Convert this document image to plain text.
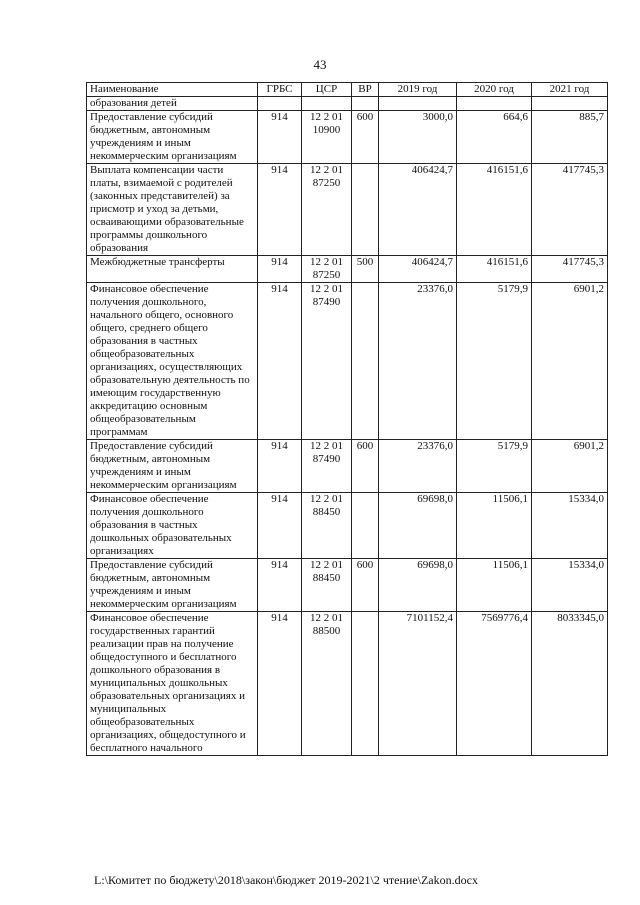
43
Наименование	ГРБС	ЦСР	ВР	2019 год	2020 год	2021 год
образования детей						
Предоставление субсидий бюджетным, автономным учреждениям и иным некоммерческим организациям	914	12 2 01 10900	600	3000,0	664,6	885,7
Выплата компенсации части платы, взимаемой с родителей (законных представителей) за присмотр и уход за детьми, осваивающими образовательные программы дошкольного образования	914	12 2 01 87250		406424,7	416151,6	417745,3
Межбюджетные трансферты	914	12 2 01 87250	500	406424,7	416151,6	417745,3
Финансовое обеспечение получения дошкольного, начального общего, основного общего, среднего общего образования в частных общеобразовательных организациях, осуществляющих образовательную деятельность по имеющим государственную аккредитацию основным общеобразовательным программам	914	12 2 01 87490		23376,0	5179,9	6901,2
Предоставление субсидий бюджетным, автономным учреждениям и иным некоммерческим организациям	914	12 2 01 87490	600	23376,0	5179,9	6901,2
Финансовое обеспечение получения дошкольного образования в частных дошкольных образовательных организациях	914	12 2 01 88450		69698,0	11506,1	15334,0
Предоставление субсидий бюджетным, автономным учреждениям и иным некоммерческим организациям	914	12 2 01 88450	600	69698,0	11506,1	15334,0
Финансовое обеспечение государственных гарантий реализации прав на получение общедоступного и бесплатного дошкольного образования в муниципальных дошкольных образовательных организациях и муниципальных общеобразовательных организациях, общедоступного и бесплатного начального	914	12 2 01 88500		7101152,4	7569776,4	8033345,0
L:\Комитет по бюджету\2018\закон\бюджет 2019-2021\2 чтение\Zakon.docx
